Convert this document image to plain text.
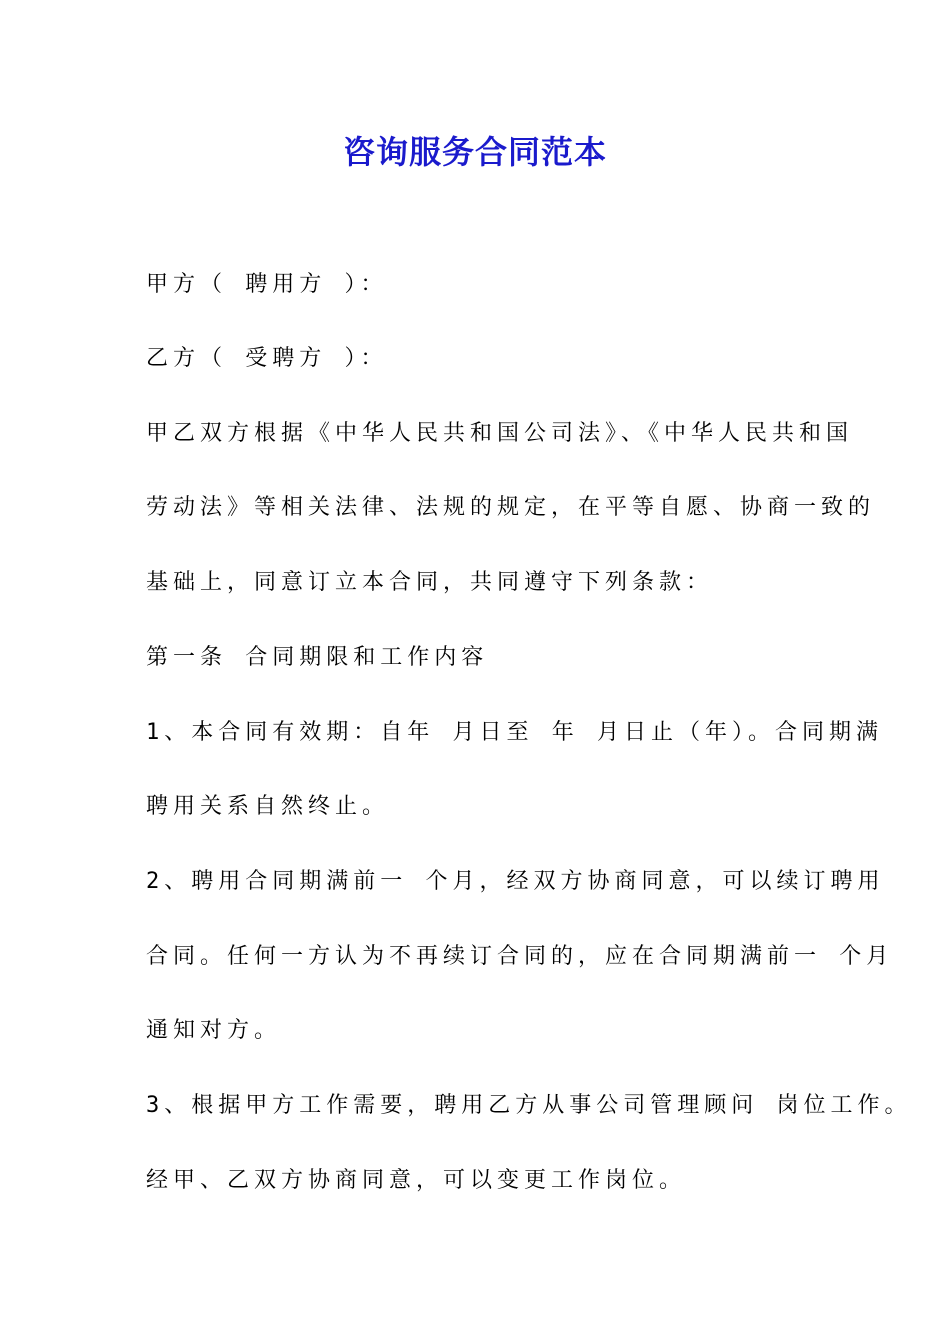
咨询服务合同范本
甲方（ 聘用方 ）：
乙方（ 受聘方 ）：
甲乙双方根据《中华人民共和国公司法》、《中华人民共和国
劳动法》等相关法律、法规的规定，在平等自愿、协商一致的
基础上，同意订立本合同，共同遵守下列条款：
第一条 合同期限和工作内容
1、本合同有效期：自年 月日至 年 月日止（年）。合同期满
聘用关系自然终止。
2、聘用合同期满前一 个月，经双方协商同意，可以续订聘用
合同。任何一方认为不再续订合同的，应在合同期满前一 个月
通知对方。
3、根据甲方工作需要，聘用乙方从事公司管理顾问 岗位工作。
经甲、乙双方协商同意，可以变更工作岗位。
